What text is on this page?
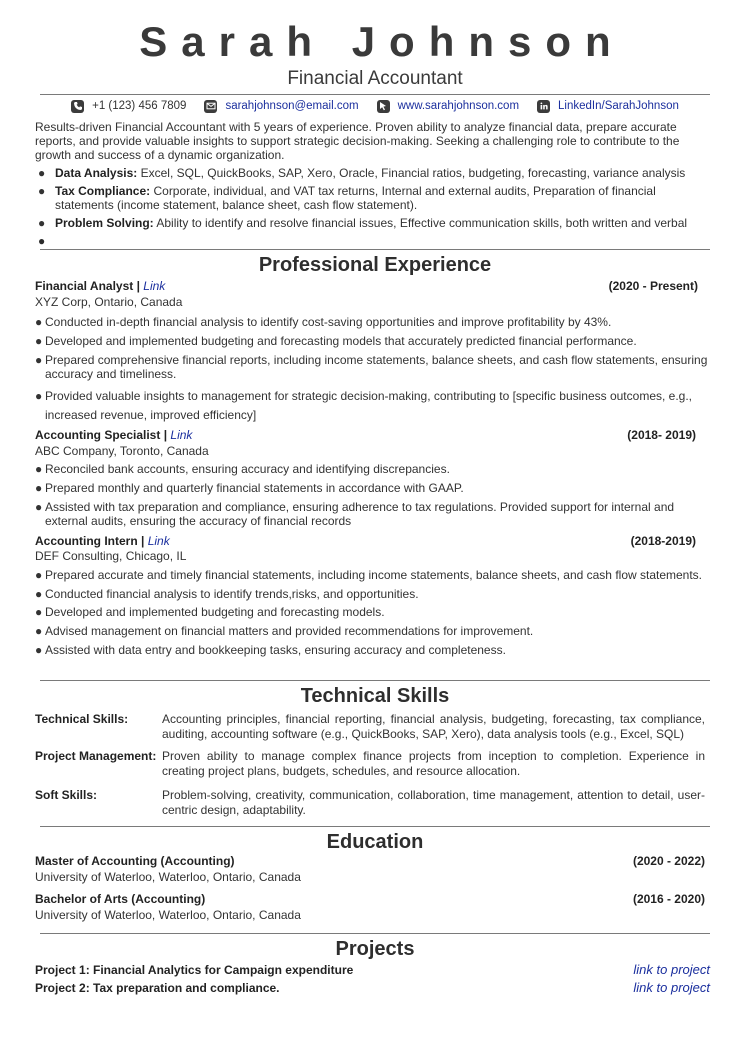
Sarah Johnson
Financial Accountant
+1 (123) 456 7809	sarahjohnson@email.com	www.sarahjohnson.com	LinkedIn/SarahJohnson
Results-driven Financial Accountant with 5 years of experience. Proven ability to analyze financial data, prepare accurate reports, and provide valuable insights to support strategic decision-making. Seeking a challenging role to contribute to the growth and success of a dynamic organization.
● Data Analysis: Excel, SQL, QuickBooks, SAP, Xero, Oracle, Financial ratios, budgeting, forecasting, variance analysis
● Tax Compliance: Corporate, individual, and VAT tax returns, Internal and external audits, Preparation of financial statements (income statement, balance sheet, cash flow statement).
● Problem Solving: Ability to identify and resolve financial issues, Effective communication skills, both written and verbal
●
Professional Experience
Financial Analyst | Link	(2020 - Present)
XYZ Corp, Ontario, Canada
● Conducted in-depth financial analysis to identify cost-saving opportunities and improve profitability by 43%.
● Developed and implemented budgeting and forecasting models that accurately predicted financial performance.
● Prepared comprehensive financial reports, including income statements, balance sheets, and cash flow statements, ensuring accuracy and timeliness.
● Provided valuable insights to management for strategic decision-making, contributing to [specific business outcomes, e.g., increased revenue, improved efficiency]
Accounting Specialist | Link	(2018- 2019)
ABC Company, Toronto, Canada
● Reconciled bank accounts, ensuring accuracy and identifying discrepancies.
● Prepared monthly and quarterly financial statements in accordance with GAAP.
● Assisted with tax preparation and compliance, ensuring adherence to tax regulations. Provided support for internal and external audits, ensuring the accuracy of financial records
Accounting Intern | Link	(2018-2019)
DEF Consulting, Chicago, IL
● Prepared accurate and timely financial statements, including income statements, balance sheets, and cash flow statements.
● Conducted financial analysis to identify trends,risks, and opportunities.
● Developed and implemented budgeting and forecasting models.
● Advised management on financial matters and provided recommendations for improvement.
● Assisted with data entry and bookkeeping tasks, ensuring accuracy and completeness.
Technical Skills
Technical Skills:	Accounting principles, financial reporting, financial analysis, budgeting, forecasting, tax compliance, auditing, accounting software (e.g., QuickBooks, SAP, Xero), data analysis tools (e.g., Excel, SQL)
Project Management: Proven ability to manage complex finance projects from inception to completion. Experience in creating project plans, budgets, schedules, and resource allocation.
Soft Skills:	Problem-solving, creativity, communication, collaboration, time management, attention to detail, user-centric design, adaptability.
Education
Master of Accounting (Accounting)	(2020 - 2022)
University of Waterloo, Waterloo, Ontario, Canada
Bachelor of Arts (Accounting)	(2016 - 2020)
University of Waterloo, Waterloo, Ontario, Canada
Projects
Project 1: Financial Analytics for Campaign expenditure	link to project
Project 2: Tax preparation and compliance.	link to project
